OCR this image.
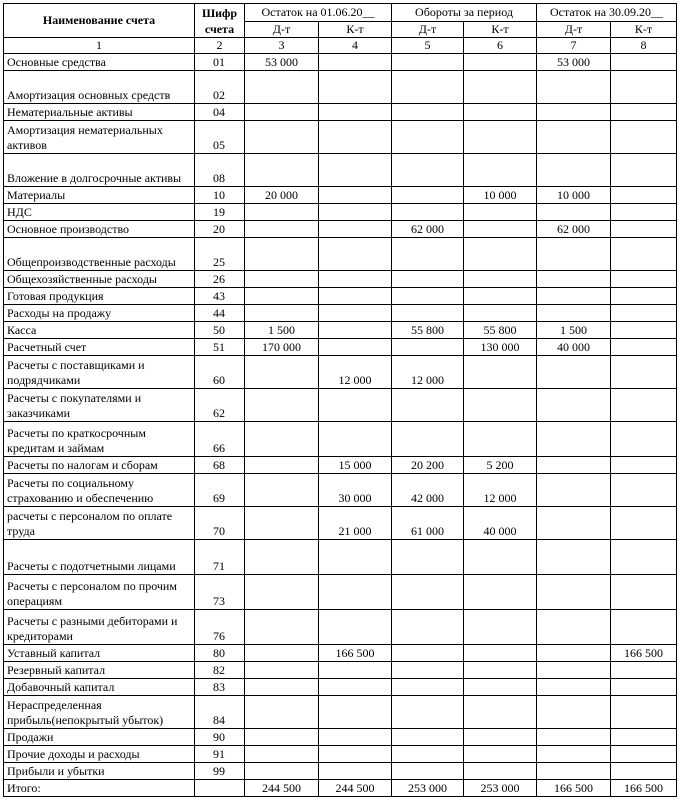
Наименование счета	Шифр счета	Остаток на 01.06.20__		Обороты за период		Остаток на 30.09.20__	
		Д-т	К-т	Д-т	К-т	Д-т	К-т
1	2	3	4	5	6	7	8
Основные средства	01	53 000				53 000	
Амортизация основных средств	02						
Нематериальные активы	04						
Амортизация нематериальных активов	05						
Вложение в долгосрочные активы	08						
Материалы	10	20 000			10 000	10 000	
НДС	19						
Основное производство	20			62 000		62 000	
Общепроизводственные расходы	25						
Общехозяйственные расходы	26						
Готовая продукция	43						
Расходы на продажу	44						
Касса	50	1 500		55 800	55 800	1 500	
Расчетный счет	51	170 000			130 000	40 000	
Расчеты с поставщиками и подрядчиками	60		12 000	12 000			
Расчеты с покупателями и заказчиками	62						
Расчеты по краткосрочным кредитам и займам	66						
Расчеты по налогам и сборам	68		15 000	20 200	5 200		
Расчеты по социальному страхованию и обеспечению	69		30 000	42 000	12 000		
расчеты с персоналом по оплате труда	70		21 000	61 000	40 000		
Расчеты с подотчетными лицами	71						
Расчеты с персоналом по прочим операциям	73						
Расчеты с разными дебиторами и кредиторами	76						
Уставный капитал	80		166 500				166 500
Резервный капитал	82						
Добавочный капитал	83						
Нераспределенная прибыль(непокрытый убыток)	84						
Продажи	90						
Прочие доходы и расходы	91						
Прибыли и убытки	99						
Итого:		244 500	244 500	253 000	253 000	166 500	166 500
